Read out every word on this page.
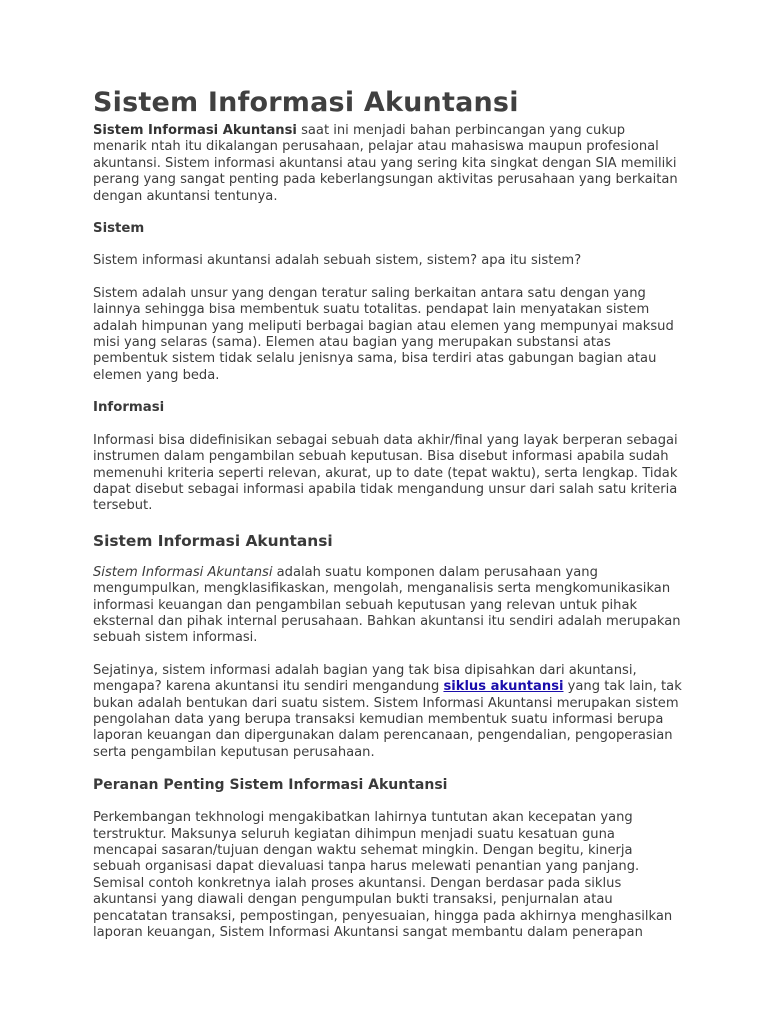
Sistem Informasi Akuntansi

Sistem Informasi Akuntansi saat ini menjadi bahan perbincangan yang cukup menarik ntah itu dikalangan perusahaan, pelajar atau mahasiswa maupun profesional akuntansi. Sistem informasi akuntansi atau yang sering kita singkat dengan SIA memiliki perang yang sangat penting pada keberlangsungan aktivitas perusahaan yang berkaitan dengan akuntansi tentunya.

Sistem

Sistem informasi akuntansi adalah sebuah sistem, sistem? apa itu sistem?

Sistem adalah unsur yang dengan teratur saling berkaitan antara satu dengan yang lainnya sehingga bisa membentuk suatu totalitas. pendapat lain menyatakan sistem adalah himpunan yang meliputi berbagai bagian atau elemen yang mempunyai maksud misi yang selaras (sama). Elemen atau bagian yang merupakan substansi atas pembentuk sistem tidak selalu jenisnya sama, bisa terdiri atas gabungan bagian atau elemen yang beda.

Informasi

Informasi bisa didefinisikan sebagai sebuah data akhir/final yang layak berperan sebagai instrumen dalam pengambilan sebuah keputusan. Bisa disebut informasi apabila sudah memenuhi kriteria seperti relevan, akurat, up to date (tepat waktu), serta lengkap. Tidak dapat disebut sebagai informasi apabila tidak mengandung unsur dari salah satu kriteria tersebut.

Sistem Informasi Akuntansi

Sistem Informasi Akuntansi adalah suatu komponen dalam perusahaan yang mengumpulkan, mengklasifikaskan, mengolah, menganalisis serta mengkomunikasikan informasi keuangan dan pengambilan sebuah keputusan yang relevan untuk pihak eksternal dan pihak internal perusahaan. Bahkan akuntansi itu sendiri adalah merupakan sebuah sistem informasi.

Sejatinya, sistem informasi adalah bagian yang tak bisa dipisahkan dari akuntansi, mengapa? karena akuntansi itu sendiri mengandung siklus akuntansi yang tak lain, tak bukan adalah bentukan dari suatu sistem. Sistem Informasi Akuntansi merupakan sistem pengolahan data yang berupa transaksi kemudian membentuk suatu informasi berupa laporan keuangan dan dipergunakan dalam perencanaan, pengendalian, pengoperasian serta pengambilan keputusan perusahaan.

Peranan Penting Sistem Informasi Akuntansi

Perkembangan tekhnologi mengakibatkan lahirnya tuntutan akan kecepatan yang terstruktur. Maksunya seluruh kegiatan dihimpun menjadi suatu kesatuan guna mencapai sasaran/tujuan dengan waktu sehemat mingkin. Dengan begitu, kinerja sebuah organisasi dapat dievaluasi tanpa harus melewati penantian yang panjang. Semisal contoh konkretnya ialah proses akuntansi. Dengan berdasar pada siklus akuntansi yang diawali dengan pengumpulan bukti transaksi, penjurnalan atau pencatatan transaksi, pempostingan, penyesuaian, hingga pada akhirnya menghasilkan laporan keuangan, Sistem Informasi Akuntansi sangat membantu dalam penerapan
